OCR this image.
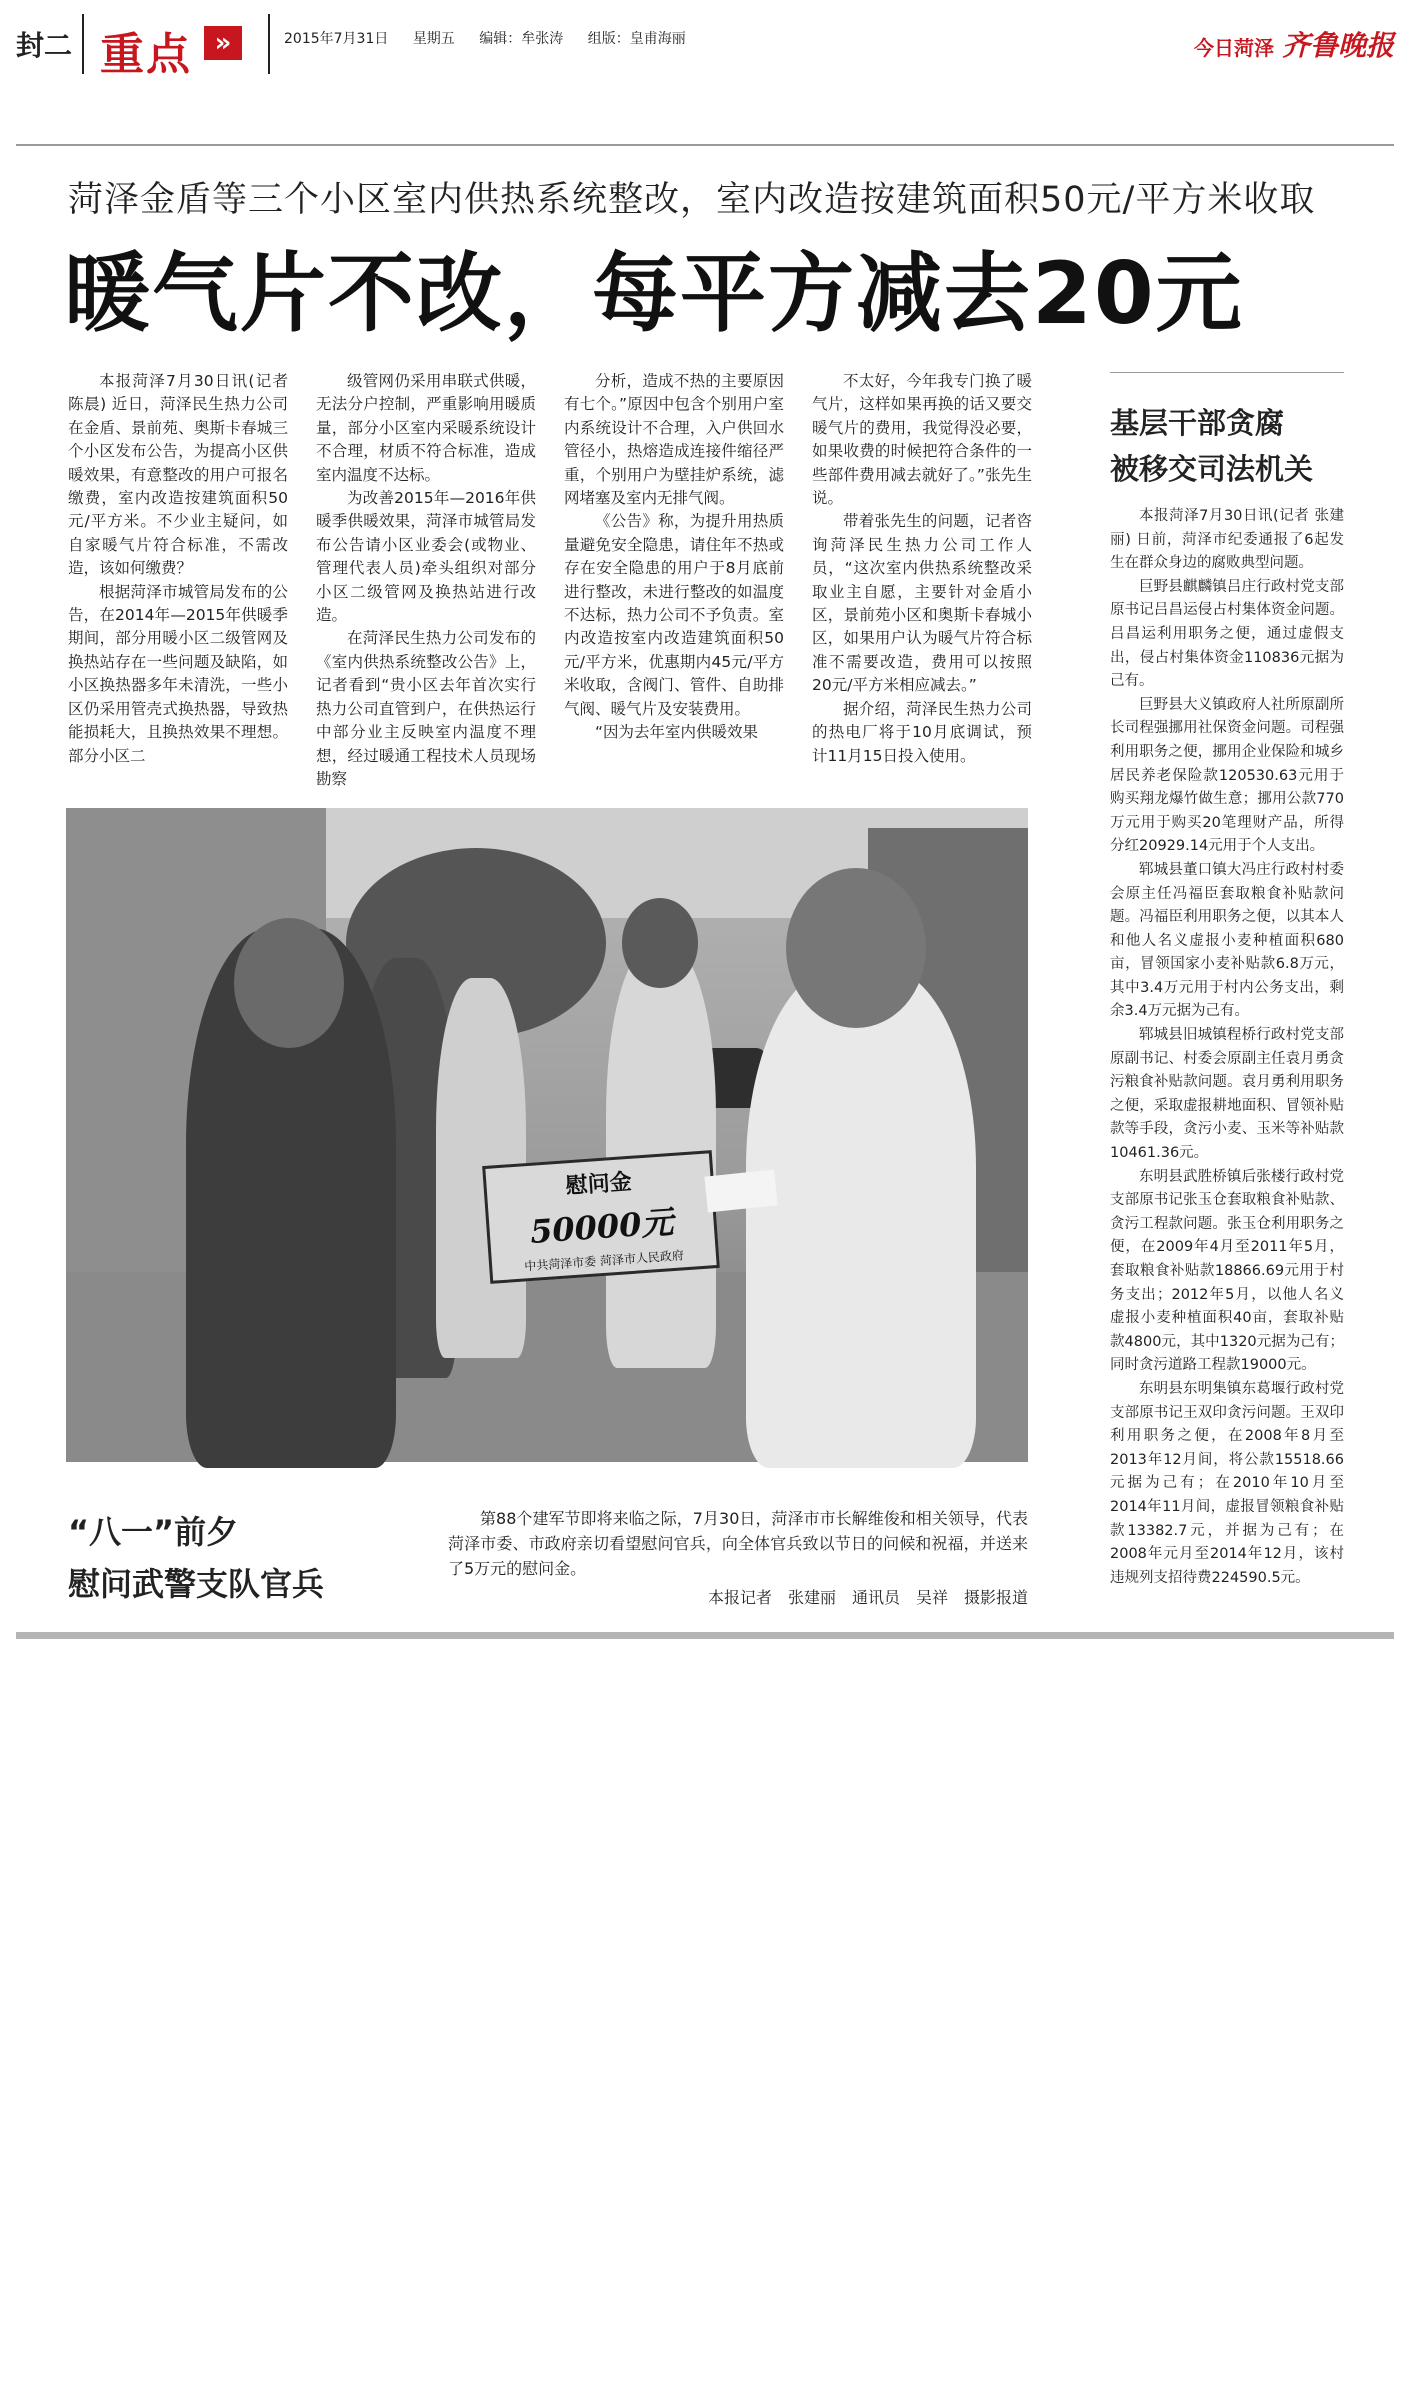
封二 重点 »	2015年7月31日 星期五 编辑：牟张涛 组版：皇甫海丽	今日菏泽 齐鲁晚报
菏泽金盾等三个小区室内供热系统整改，室内改造按建筑面积50元/平方米收取
暖气片不改，每平方减去20元

本报菏泽7月30日讯(记者 陈晨) 近日，菏泽民生热力公司在金盾、景前苑、奥斯卡春城三个小区发布公告，为提高小区供暖效果，有意整改的用户可报名缴费，室内改造按建筑面积50元/平方米。不少业主疑问，如自家暖气片符合标准，不需改造，该如何缴费？

根据菏泽市城管局发布的公告，在2014年—2015年供暖季期间，部分用暖小区二级管网及换热站存在一些问题及缺陷，如小区换热器多年未清洗，一些小区仍采用管壳式换热器，导致热能损耗大，且换热效果不理想。部分小区二

级管网仍采用串联式供暖，无法分户控制，严重影响用暖质量，部分小区室内采暖系统设计不合理，材质不符合标准，造成室内温度不达标。

为改善2015年—2016年供暖季供暖效果，菏泽市城管局发布公告请小区业委会(或物业、管理代表人员)牵头组织对部分小区二级管网及换热站进行改造。

在菏泽民生热力公司发布的《室内供热系统整改公告》上，记者看到“贵小区去年首次实行热力公司直管到户，在供热运行中部分业主反映室内温度不理想，经过暖通工程技术人员现场勘察

分析，造成不热的主要原因有七个。”原因中包含个别用户室内系统设计不合理，入户供回水管径小，热熔造成连接件缩径严重，个别用户为壁挂炉系统，滤网堵塞及室内无排气阀。

《公告》称，为提升用热质量避免安全隐患，请住年不热或存在安全隐患的用户于8月底前进行整改，未进行整改的如温度不达标，热力公司不予负责。室内改造按室内改造建筑面积50元/平方米，优惠期内45元/平方米收取，含阀门、管件、自助排气阀、暖气片及安装费用。

“因为去年室内供暖效果

不太好，今年我专门换了暖气片，这样如果再换的话又要交暖气片的费用，我觉得没必要，如果收费的时候把符合条件的一些部件费用减去就好了。”张先生说。

带着张先生的问题，记者咨询菏泽民生热力公司工作人员，“这次室内供热系统整改采取业主自愿，主要针对金盾小区，景前苑小区和奥斯卡春城小区，如果用户认为暖气片符合标准不需要改造，费用可以按照20元/平方米相应减去。”

据介绍，菏泽民生热力公司的热电厂将于10月底调试，预计11月15日投入使用。

基层干部贪腐
被移交司法机关

本报菏泽7月30日讯(记者 张建丽) 日前，菏泽市纪委通报了6起发生在群众身边的腐败典型问题。

巨野县麒麟镇吕庄行政村党支部原书记吕昌运侵占村集体资金问题。吕昌运利用职务之便，通过虚假支出，侵占村集体资金110836元据为己有。

巨野县大义镇政府人社所原副所长司程强挪用社保资金问题。司程强利用职务之便，挪用企业保险和城乡居民养老保险款120530.63元用于购买翔龙爆竹做生意；挪用公款770万元用于购买20笔理财产品，所得分红20929.14元用于个人支出。

郓城县董口镇大冯庄行政村村委会原主任冯福臣套取粮食补贴款问题。冯福臣利用职务之便，以其本人和他人名义虚报小麦种植面积680亩，冒领国家小麦补贴款6.8万元，其中3.4万元用于村内公务支出，剩余3.4万元据为己有。

郓城县旧城镇程桥行政村党支部原副书记、村委会原副主任袁月勇贪污粮食补贴款问题。袁月勇利用职务之便，采取虚报耕地面积、冒领补贴款等手段，贪污小麦、玉米等补贴款10461.36元。

东明县武胜桥镇后张楼行政村党支部原书记张玉仓套取粮食补贴款、贪污工程款问题。张玉仓利用职务之便，在2009年4月至2011年5月，套取粮食补贴款18866.69元用于村务支出；2012年5月，以他人名义虚报小麦种植面积40亩，套取补贴款4800元，其中1320元据为己有；同时贪污道路工程款19000元。

东明县东明集镇东葛堰行政村党支部原书记王双印贪污问题。王双印利用职务之便，在2008年8月至2013年12月间，将公款15518.66元据为己有；在2010年10月至2014年11月间，虚报冒领粮食补贴款13382.7元，并据为己有；在2008年元月至2014年12月，该村违规列支招待费224590.5元。

慰问金
50000元
中共菏泽市委 菏泽市人民政府
“八一”前夕
慰问武警支队官兵
第88个建军节即将来临之际，7月30日，菏泽市市长解维俊和相关领导，代表菏泽市委、市政府亲切看望慰问官兵，向全体官兵致以节日的问候和祝福，并送来了5万元的慰问金。
本报记者　张建丽　通讯员　吴祥　摄影报道
